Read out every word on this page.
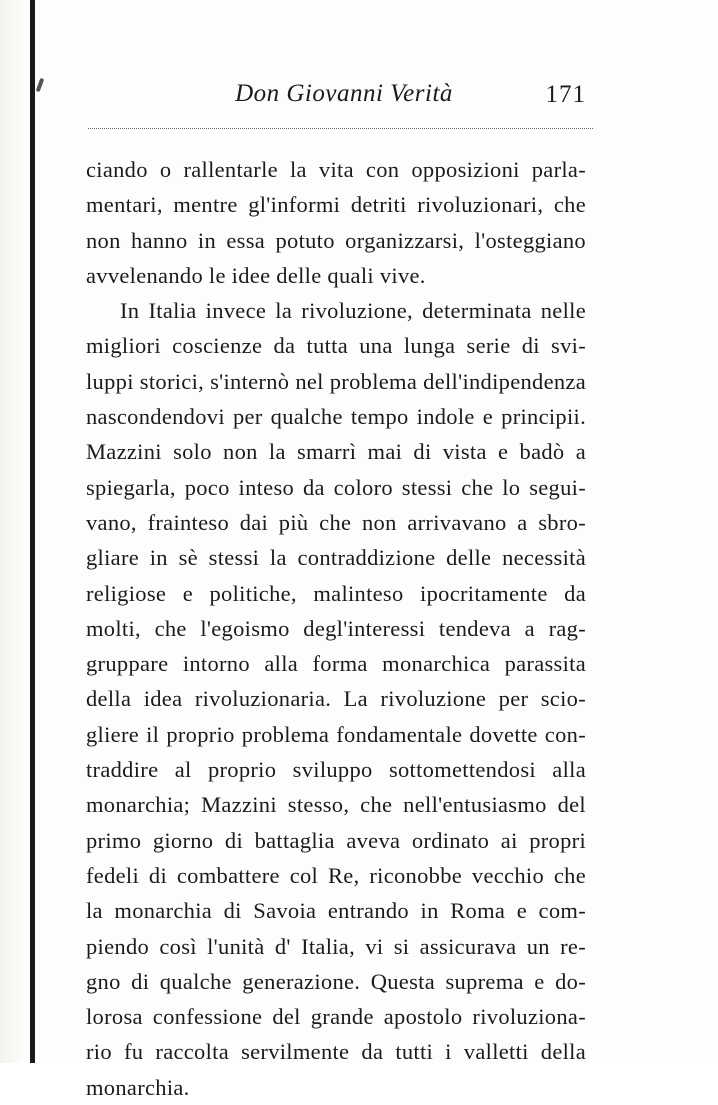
Don Giovanni Verità	171
ciando o rallentarle la vita con opposizioni parla-
mentari, mentre gl'informi detriti rivoluzionari, che
non hanno in essa potuto organizzarsi, l'osteggiano
avvelenando le idee delle quali vive.
In Italia invece la rivoluzione, determinata nelle
migliori coscienze da tutta una lunga serie di svi-
luppi storici, s'internò nel problema dell'indipendenza
nascondendovi per qualche tempo indole e principii.
Mazzini solo non la smarrì mai di vista e badò a
spiegarla, poco inteso da coloro stessi che lo segui-
vano, frainteso dai più che non arrivavano a sbro-
gliare in sè stessi la contraddizione delle necessità
religiose e politiche, malinteso ipocritamente da
molti, che l'egoismo degl'interessi tendeva a rag-
gruppare intorno alla forma monarchica parassita
della idea rivoluzionaria. La rivoluzione per scio-
gliere il proprio problema fondamentale dovette con-
traddire al proprio sviluppo sottomettendosi alla
monarchia; Mazzini stesso, che nell'entusiasmo del
primo giorno di battaglia aveva ordinato ai propri
fedeli di combattere col Re, riconobbe vecchio che
la monarchia di Savoia entrando in Roma e com-
piendo così l'unità d' Italia, vi si assicurava un re-
gno di qualche generazione. Questa suprema e do-
lorosa confessione del grande apostolo rivoluziona-
rio fu raccolta servilmente da tutti i valletti della
monarchia.
